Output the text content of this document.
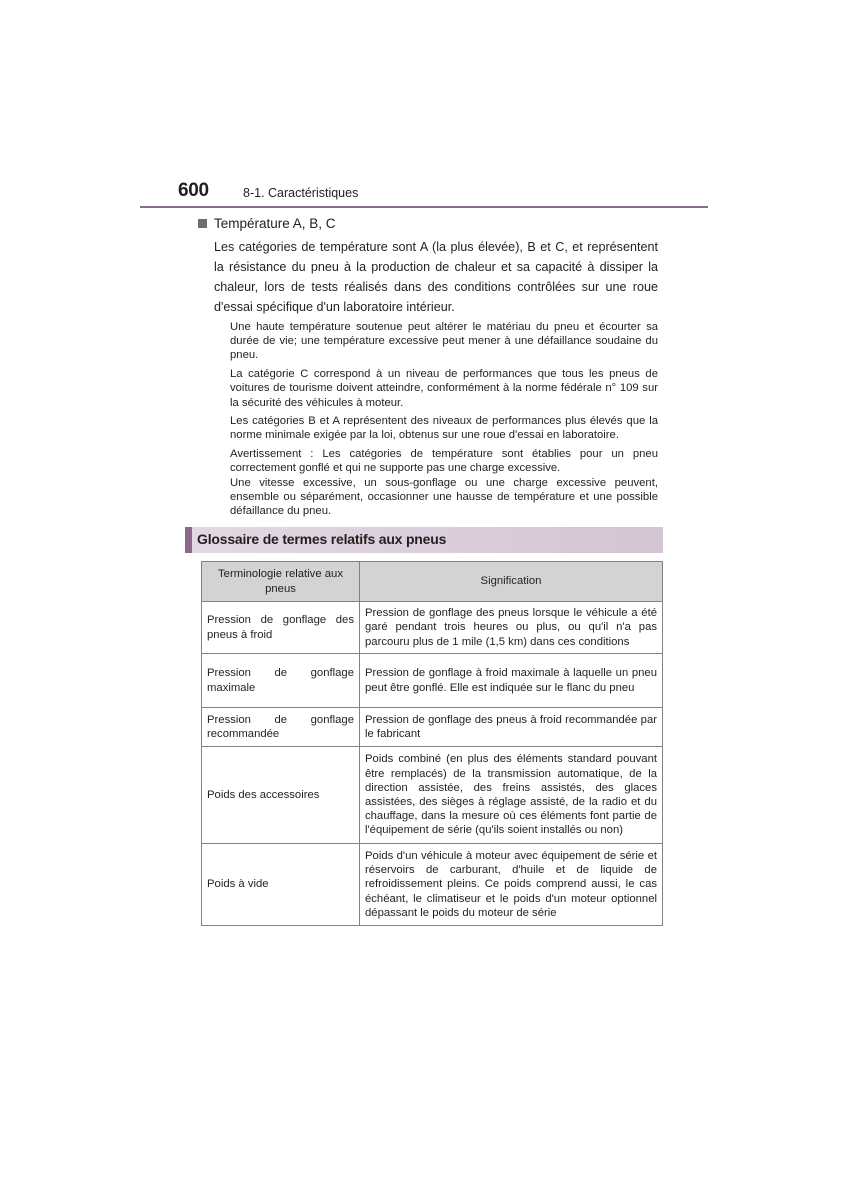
600	8-1. Caractéristiques
Température A, B, C

Les catégories de température sont A (la plus élevée), B et C, et représentent la résistance du pneu à la production de chaleur et sa capacité à dissiper la chaleur, lors de tests réalisés dans des conditions contrôlées sur une roue d'essai spécifique d'un laboratoire intérieur.

Une haute température soutenue peut altérer le matériau du pneu et écourter sa durée de vie; une température excessive peut mener à une défaillance soudaine du pneu.

La catégorie C correspond à un niveau de performances que tous les pneus de voitures de tourisme doivent atteindre, conformément à la norme fédérale n° 109 sur la sécurité des véhicules à moteur.

Les catégories B et A représentent des niveaux de performances plus élevés que la norme minimale exigée par la loi, obtenus sur une roue d'essai en laboratoire.

Avertissement : Les catégories de température sont établies pour un pneu correctement gonflé et qui ne supporte pas une charge excessive.

Une vitesse excessive, un sous-gonflage ou une charge excessive peuvent, ensemble ou séparément, occasionner une hausse de température et une possible défaillance du pneu.

Glossaire de termes relatifs aux pneus
Terminologie relative aux pneus	Signification
Pression de gonflage des pneus à froid	Pression de gonflage des pneus lorsque le véhicule a été garé pendant trois heures ou plus, ou qu'il n'a pas parcouru plus de 1 mile (1,5 km) dans ces conditions
Pression de gonflage maximale	Pression de gonflage à froid maximale à laquelle un pneu peut être gonflé. Elle est indiquée sur le flanc du pneu
Pression de gonflage recommandée	Pression de gonflage des pneus à froid recommandée par le fabricant
Poids des accessoires	Poids combiné (en plus des éléments standard pouvant être remplacés) de la transmission automatique, de la direction assistée, des freins assistés, des glaces assistées, des sièges à réglage assisté, de la radio et du chauffage, dans la mesure où ces éléments font partie de l'équipement de série (qu'ils soient installés ou non)
Poids à vide	Poids d'un véhicule à moteur avec équipement de série et réservoirs de carburant, d'huile et de liquide de refroidissement pleins. Ce poids comprend aussi, le cas échéant, le climatiseur et le poids d'un moteur optionnel dépassant le poids du moteur de série
